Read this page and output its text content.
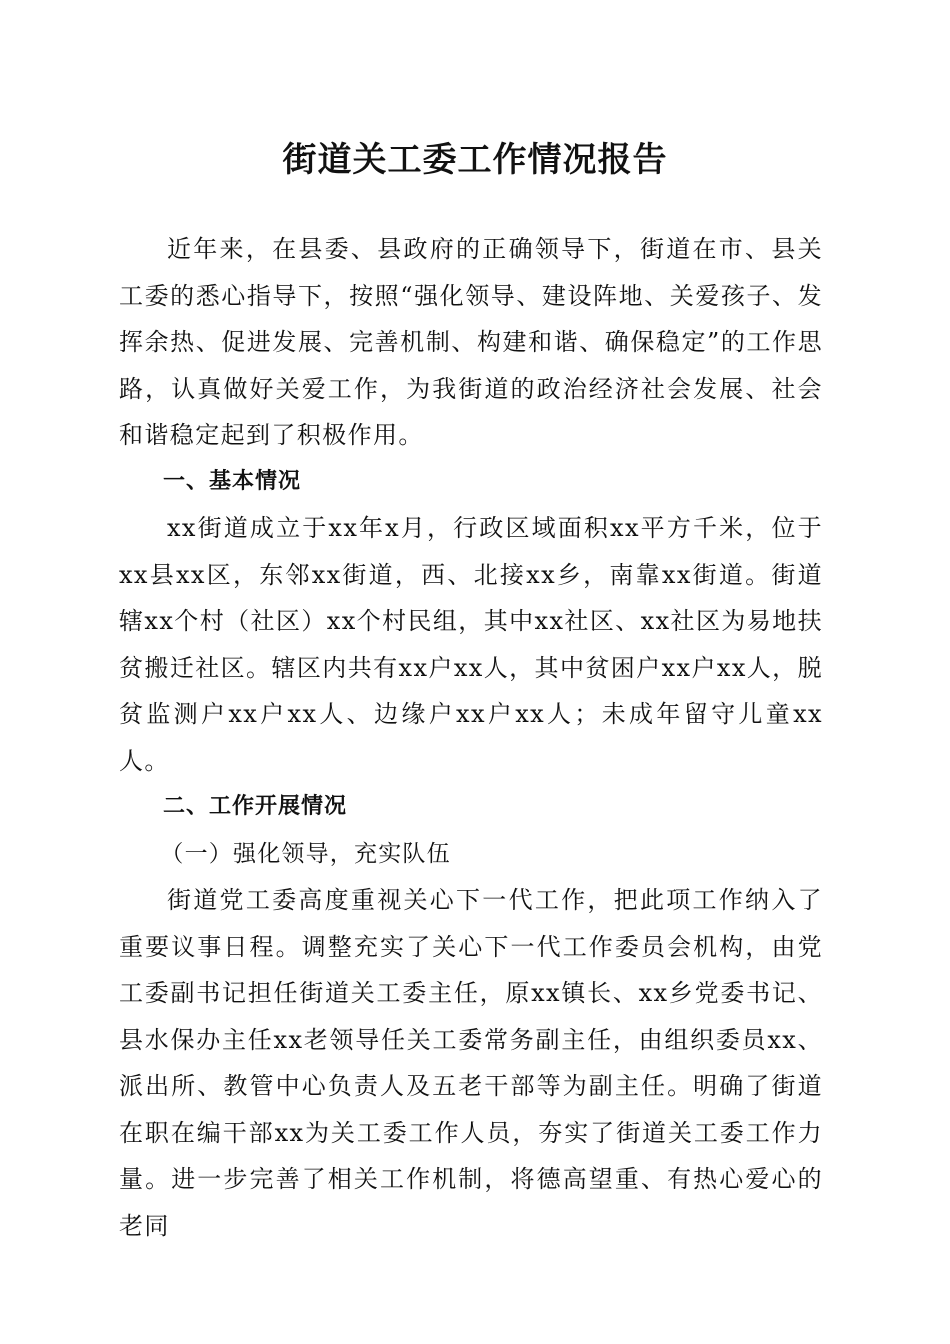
街道关工委工作情况报告

近年来，在县委、县政府的正确领导下，街道在市、县关工委的悉心指导下，按照“强化领导、建设阵地、关爱孩子、发挥余热、促进发展、完善机制、构建和谐、确保稳定”的工作思路，认真做好关爱工作，为我街道的政治经济社会发展、社会和谐稳定起到了积极作用。

一、基本情况

xx街道成立于xx年x月，行政区域面积xx平方千米，位于xx县xx区，东邻xx街道，西、北接xx乡，南靠xx街道。街道辖xx个村（社区）xx个村民组，其中xx社区、xx社区为易地扶贫搬迁社区。辖区内共有xx户xx人，其中贫困户xx户xx人，脱贫监测户xx户xx人、边缘户xx户xx人；未成年留守儿童xx人。

二、工作开展情况

（一）强化领导，充实队伍

街道党工委高度重视关心下一代工作，把此项工作纳入了重要议事日程。调整充实了关心下一代工作委员会机构，由党工委副书记担任街道关工委主任，原xx镇长、xx乡党委书记、县水保办主任xx老领导任关工委常务副主任，由组织委员xx、派出所、教管中心负责人及五老干部等为副主任。明确了街道在职在编干部xx为关工委工作人员，夯实了街道关工委工作力量。进一步完善了相关工作机制，将德高望重、有热心爱心的老同
